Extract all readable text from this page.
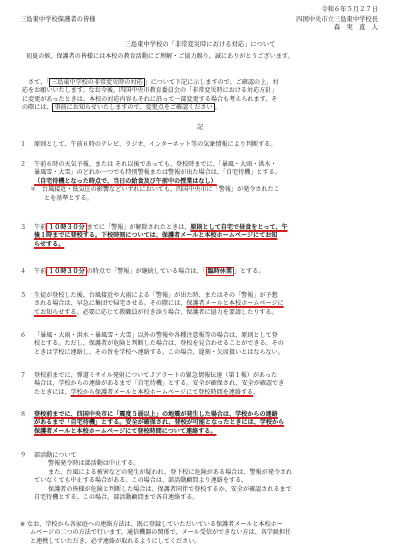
令和６年５月２７日
三島東中学校保護者の皆様	四国中央市立三島東中学校長
森　実　直　人
三島東中学校の「非常変災時における対応」について
初夏の候、保護者の皆様には本校の教育活動にご理解・ご協力賜り、誠にありがとうございます。
さて、「 三島東中学校の非常変災時の対応 」について下記に示しますので、ご確認の上、対
応をお願いいたします。なお今後、四国中央市教育委員会の「非常変災時における対応方針」
に変更があったときは、本校の対応内容もそれに沿って一部変更する場合も考えられます。そ
の際には、 事前にお知らせいたしますので、変更点をご確認ください 。
記
１ 原則として、午前６時のテレビ、ラジオ、インターネット等の気象情報により判断する。
２ 午前６時の天気予報、または それ以後であっても、登校時までに、「暴風・大雨・洪水・
暴風雪・大雪」のどれか一つでも特別警報または警報が出た場合は、「自宅待機」とする。
（自宅待機となった時点で、当日の給食及び午前中の授業はなし）
＊ 台風接近・低気圧の影響などいずれにおいても、四国中央市に「警報」が発令されたこ
とを基準とする。
３ 午前 １０時３０分 までに「警報」が解除されたときは、原則として自宅で昼食をとって、午
後１時までに登校する。下校時刻については、保護者メールと本校ホームページにてお知
らせする。
４ 午前 １０時３０分 の時点で「警報」が継続している場合は、「 臨時休業 」とする。
５ 生徒が登校した後、台風接近や大雨による「警報」が出た時、またはその「警報」が予想
される場合は、早急に集団で帰宅させる。その際には、保護者メールと本校ホームページに
てお知らせする。必要に応じて教職員が付き添う場合、保護者に協力を要請したりする。
６ 「暴風・大雨・洪水・暴風雪・大雪」以外の警報や各種注意報等の場合は、原則として登
校とする。ただし、保護者が危険と判断した場合は、登校を見合わせることができる。その
ときは学校に連絡し、その旨を学校へ連絡する。この場合、遅刻・欠席扱いとはならない。
７ 登校前までに、弾道ミサイル発射についてＪアラートの緊急情報伝達（第１報）があった
場合は、学校からの連絡があるまで「自宅待機」とする。安全が確保され、安全が確認でき
たときには、学校から保護者メールと本校ホームページにて登校時間を連絡する。
８ 登校前までに、四国中央市に「震度５弱以上」の地震が発生した場合は、学校からの連絡
があるまで「自宅待機」とする。安全が確保され、登校が可能となったときには、学校から
保護者メールと本校ホームページにて登校時間について連絡する。
９ 部活動について
警報発令時は部活動は中止する。
また、台風による被害などの発生が疑われ、登下校に危険がある場合は、警報が発令され
ていなくても中止する場合がある。この場合は、部活動顧問より連絡をする。
保護者の皆様が危険と判断した場合は、保護者同伴で登校するか、安全が確認されるまで
自宅待機とする。この場合、部活動顧問まで各自連絡する。
※ なお、学校から各家庭への連絡方法は、既に登録していただいている保護者メールと本校ホー
ムページの二つの方法で行います。通信機器の関係で、メール受信ができない方は、各学級担任
と連携していただき、必ず連絡が取れるようにしてください。
